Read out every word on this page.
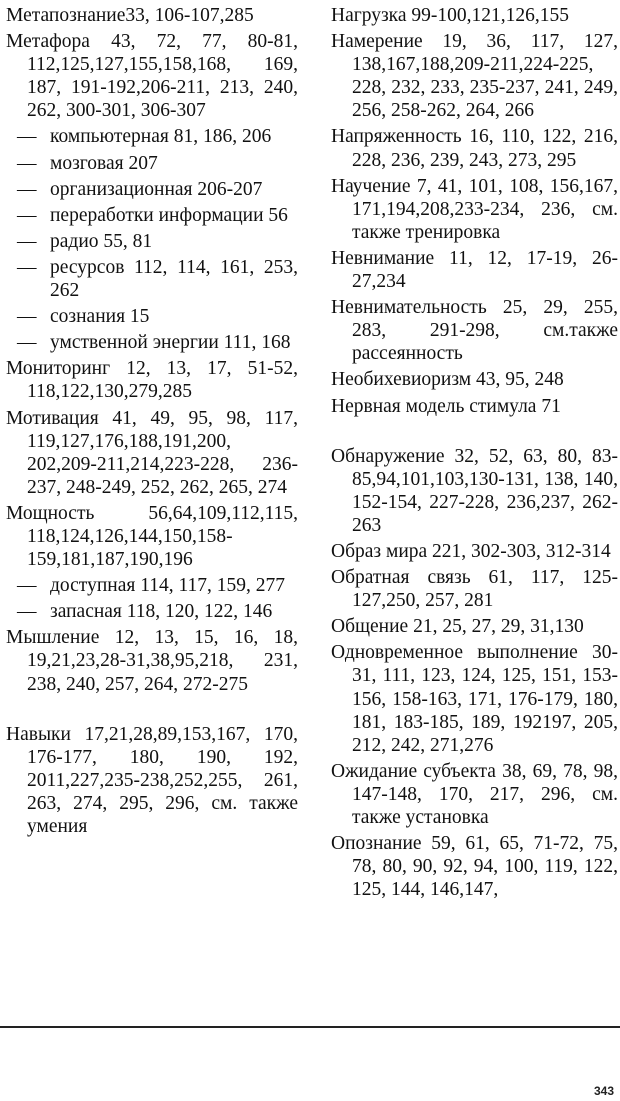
Метапознание33, 106-107,285
Метафора 43, 72, 77, 80-81, 112,125,127,155,158,168, 169, 187, 191-192,206-211, 213, 240, 262, 300-301, 306-307
— компьютерная 81, 186, 206
— мозговая 207
— организационная 206-207
— переработки информации 56
— радио 55, 81
— ресурсов 112, 114, 161, 253, 262
— сознания 15
— умственной энергии 111, 168
Мониторинг 12, 13, 17, 51-52, 118,122,130,279,285
Мотивация 41, 49, 95, 98, 117, 119,127,176,188,191,200, 202,209-211,214,223-228, 236-237, 248-249, 252, 262, 265, 274
Мощность 56,64,109,112,115, 118,124,126,144,150,158-159,181,187,190,196
— доступная 114, 117, 159, 277
— запасная 118, 120, 122, 146
Мышление 12, 13, 15, 16, 18, 19,21,23,28-31,38,95,218, 231, 238, 240, 257, 264, 272-275
Навыки 17,21,28,89,153,167, 170, 176-177, 180, 190, 192, 2011,227,235-238,252,255, 261, 263, 274, 295, 296, см. также умения
Нагрузка 99-100,121,126,155
Намерение 19, 36, 117, 127, 138,167,188,209-211,224-225, 228, 232, 233, 235-237, 241, 249, 256, 258-262, 264, 266
Напряженность 16, 110, 122, 216, 228, 236, 239, 243, 273, 295
Научение 7, 41, 101, 108, 156,167, 171,194,208,233-234, 236, см. также тренировка
Невнимание 11, 12, 17-19, 26-27,234
Невнимательность 25, 29, 255, 283, 291-298, см.также рассеянность
Необихевиоризм 43, 95, 248
Нервная модель стимула 71
Обнаружение 32, 52, 63, 80, 83-85,94,101,103,130-131, 138, 140, 152-154, 227-228, 236,237, 262-263
Образ мира 221, 302-303, 312-314
Обратная связь 61, 117, 125-127,250, 257, 281
Общение 21, 25, 27, 29, 31,130
Одновременное выполнение 30-31, 111, 123, 124, 125, 151, 153-156, 158-163, 171, 176-179, 180, 181, 183-185, 189, 192197, 205, 212, 242, 271,276
Ожидание субъекта 38, 69, 78, 98, 147-148, 170, 217, 296, см. также установка
Опознание 59, 61, 65, 71-72, 75, 78, 80, 90, 92, 94, 100, 119, 122, 125, 144, 146,147,
343
